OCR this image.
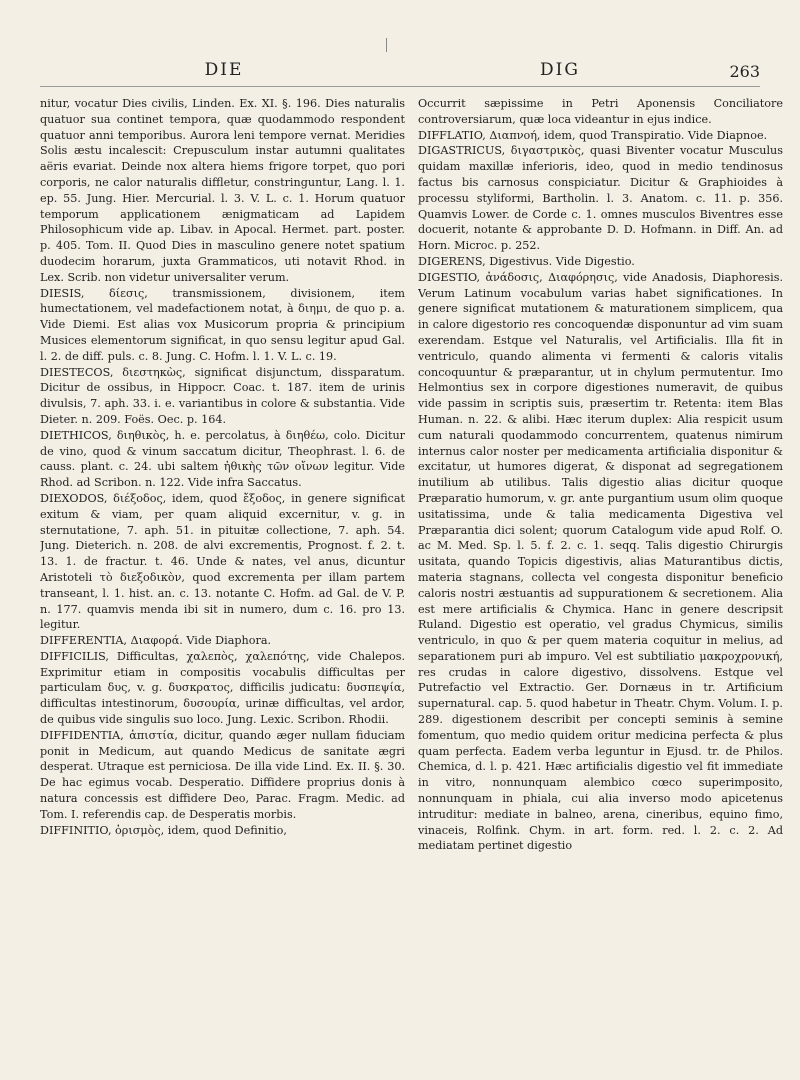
DIE	DIG	263

nitur, vocatur Dies civilis, Linden. Ex. XI. §. 196. Dies naturalis quatuor sua continet tempora, quæ quodammodo respondent quatuor anni temporibus. Aurora leni tempore vernat. Meridies Solis æstu incalescit: Crepusculum instar autumni qualitates aëris evariat. Deinde nox altera hiems frigore torpet, quo pori corporis, ne calor naturalis diffletur, constringuntur, Lang. l. 1. ep. 55. Jung. Hier. Mercurial. l. 3. V. L. c. 1. Horum quatuor temporum applicationem ænigmaticam ad Lapidem Philosophicum vide ap. Libav. in Apocal. Hermet. part. poster. p. 405. Tom. II. Quod Dies in masculino genere notet spatium duodecim horarum, juxta Grammaticos, uti notavit Rhod. in Lex. Scrib. non videtur universaliter verum.

DIESIS, δίεσις, transmissionem, divisionem, item humectationem, vel madefactionem notat, à διημι, de quo p. a. Vide Diemi. Est alias vox Musicorum propria & principium Musices elementorum significat, in quo sensu legitur apud Gal. l. 2. de diff. puls. c. 8. Jung. C. Hofm. l. 1. V. L. c. 19.

DIESTECOS, διεστηκὼς, significat disjunctum, dissparatum. Dicitur de ossibus, in Hippocr. Coac. t. 187. item de urinis divulsis, 7. aph. 33. i. e. variantibus in colore & substantia. Vide Dieter. n. 209. Foës. Oec. p. 164.

DIETHICOS, διηθικὸς, h. e. percolatus, à διηθέω, colo. Dicitur de vino, quod & vinum saccatum dicitur, Theophrast. l. 6. de causs. plant. c. 24. ubi saltem ἠθικὴς τῶν οἴνων legitur. Vide Rhod. ad Scribon. n. 122. Vide infra Saccatus.

DIEXODOS, διέξοδος, idem, quod ἔξοδος, in genere significat exitum & viam, per quam aliquid excernitur, v. g. in sternutatione, 7. aph. 51. in pituitæ collectione, 7. aph. 54. Jung. Dieterich. n. 208. de alvi excrementis, Prognost. f. 2. t. 13. 1. de fractur. t. 46. Unde & nates, vel anus, dicuntur Aristoteli τὸ διεξοδικὸν, quod excrementa per illam partem transeant, l. 1. hist. an. c. 13. notante C. Hofm. ad Gal. de V. P. n. 177. quamvis menda ibi sit in numero, dum c. 16. pro 13. legitur.

DIFFERENTIA, Διαφορά. Vide Diaphora.

DIFFICILIS, Difficultas, χαλεπὸς, χαλεπότης, vide Chalepos. Exprimitur etiam in compositis vocabulis difficultas per particulam δυς, v. g. δυσκρατος, difficilis judicatu: δυσπεψία, difficultas intestinorum, δυσουρία, urinæ difficultas, vel ardor, de quibus vide singulis suo loco. Jung. Lexic. Scribon. Rhodii.

DIFFIDENTIA, ἀπιστία, dicitur, quando æger nullam fiduciam ponit in Medicum, aut quando Medicus de sanitate ægri desperat. Utraque est perniciosa. De illa vide Lind. Ex. II. §. 30. De hac egimus vocab. Desperatio. Diffidere proprius donis à natura concessis est diffidere Deo, Parac. Fragm. Medic. ad Tom. I. referendis cap. de Desperatis morbis.

DIFFINITIO, ὁρισμὸς, idem, quod Definitio,

Occurrit sæpissime in Petri Aponensis Conciliatore controversiarum, quæ loca videantur in ejus indice.

DIFFLATIO, Διαπνοή, idem, quod Transpiratio. Vide Diapnoe.

DIGASTRICUS, διγαστρικὸς, quasi Biventer vocatur Musculus quidam maxillæ inferioris, ideo, quod in medio tendinosus factus bis carnosus conspiciatur. Dicitur & Graphioides à processu styliformi, Bartholin. l. 3. Anatom. c. 11. p. 356. Quamvis Lower. de Corde c. 1. omnes musculos Biventres esse docuerit, notante & approbante D. D. Hofmann. in Diff. An. ad Horn. Microc. p. 252.

DIGERENS, Digestivus. Vide Digestio.

DIGESTIO, ἀνάδοσις, Διαφόρησις, vide Anadosis, Diaphoresis. Verum Latinum vocabulum varias habet significationes. In genere significat mutationem & maturationem simplicem, qua in calore digestorio res concoquendæ disponuntur ad vim suam exerendam. Estque vel Naturalis, vel Artificialis. Illa fit in ventriculo, quando alimenta vi fermenti & caloris vitalis concoquuntur & præparantur, ut in chylum permutentur. Imo Helmontius sex in corpore digestiones numeravit, de quibus vide passim in scriptis suis, præsertim tr. Retenta: item Blas Human. n. 22. & alibi. Hæc iterum duplex: Alia respicit usum cum naturali quodammodo concurrentem, quatenus nimirum internus calor noster per medicamenta artificialia disponitur & excitatur, ut humores digerat, & disponat ad segregationem inutilium ab utilibus. Talis digestio alias dicitur quoque Præparatio humorum, v. gr. ante purgantium usum olim quoque usitatissima, unde & talia medicamenta Digestiva vel Præparantia dici solent; quorum Catalogum vide apud Rolf. O. ac M. Med. Sp. l. 5. f. 2. c. 1. seqq. Talis digestio Chirurgis usitata, quando Topicis digestivis, alias Maturantibus dictis, materia stagnans, collecta vel congesta disponitur beneficio caloris nostri æstuantis ad suppurationem & secretionem. Alia est mere artificialis & Chymica. Hanc in genere descripsit Ruland. Digestio est operatio, vel gradus Chymicus, similis ventriculo, in quo & per quem materia coquitur in melius, ad separationem puri ab impuro. Vel est subtiliatio μακροχρονική, res crudas in calore digestivo, dissolvens. Estque vel Putrefactio vel Extractio. Ger. Dornæus in tr. Artificium supernatural. cap. 5. quod habetur in Theatr. Chym. Volum. I. p. 289. digestionem describit per concepti seminis à semine fomentum, quo medio quidem oritur medicina perfecta & plus quam perfecta. Eadem verba leguntur in Ejusd. tr. de Philos. Chemica, d. l. p. 421. Hæc artificialis digestio vel fit immediate in vitro, nonnunquam alembico cœco superimposito, nonnunquam in phiala, cui alia inverso modo apicetenus intruditur: mediate in balneo, arena, cineribus, equino fimo, vinaceis, Rolfink. Chym. in art. form. red. l. 2. c. 2. Ad mediatam pertinet digestio
